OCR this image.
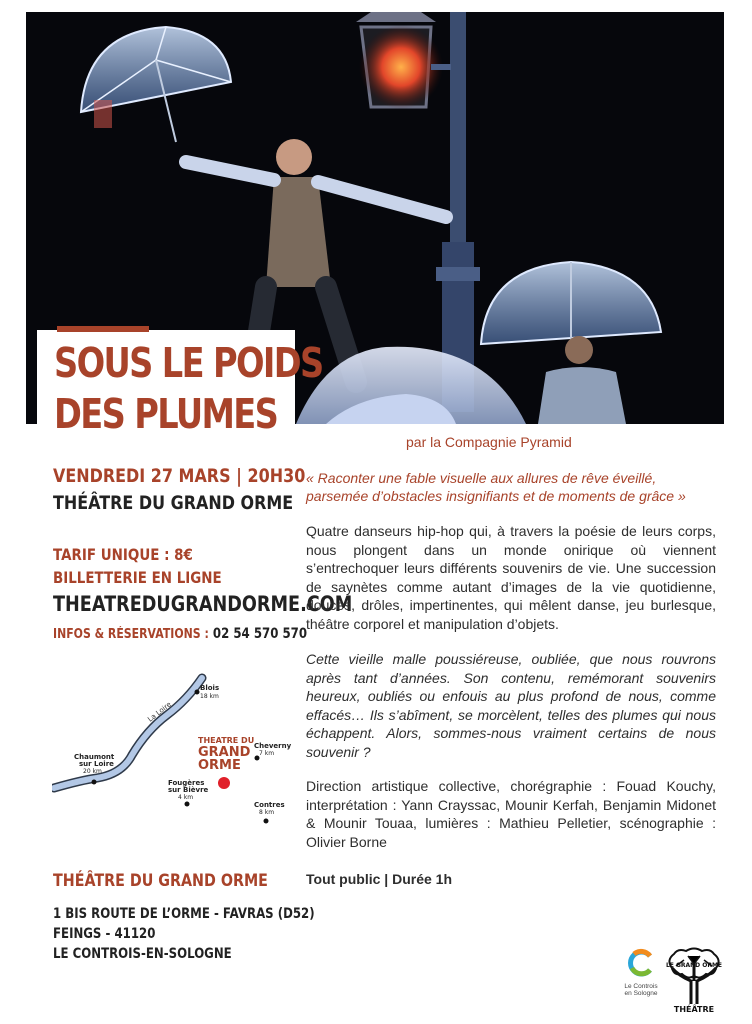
SOUS LE POIDS
DES PLUMES
VENDREDI 27 MARS | 20H30
THÉÂTRE DU GRAND ORME
TARIF UNIQUE : 8€
BILLETTERIE EN LIGNE
THEATREDUGRANDORME.COM
INFOS & RÉSERVATIONS : 02 54 570 570
La Loire
Blois
18 km
Chaumont
sur Loire
20 km
THEATRE DU
GRAND
ORME
Cheverny
7 km
Fougères
sur Bièvre
4 km
Contres
8 km
THÉÂTRE DU GRAND ORME
1 BIS ROUTE DE L’ORME - FAVRAS (D52)
FEINGS - 41120
LE CONTROIS-EN-SOLOGNE
par la Compagnie Pyramid
« Raconter une fable visuelle aux allures de rêve éveillé, parsemée d’obstacles insignifiants et de moments de grâce »

Quatre danseurs hip-hop qui, à travers la poésie de leurs corps, nous plongent dans un monde onirique où viennent s’entrechoquer leurs différents souvenirs de vie. Une succession de saynètes comme autant d’images de la vie quotidienne, douces, drôles, impertinentes, qui mêlent danse, jeu burlesque, théâtre corporel et manipulation d’objets.

Cette vieille malle poussiéreuse, oubliée, que nous rouvrons après tant d’années. Son contenu, remémorant souvenirs heureux, oubliés ou enfouis au plus profond de nous, comme effacés… Ils s’abîment, se morcèlent, telles des plumes qui nous échappent. Alors, sommes-nous vraiment certains de nous souvenir ?

Direction artistique collective, chorégraphie : Fouad Kouchy, interprétation : Yann Crayssac, Mounir Kerfah, Benjamin Midonet & Mounir Touaa, lumières : Mathieu Pelletier, scénographie : Olivier Borne

Tout public | Durée 1h
Le Controis
en Sologne
LE GRAND ORME
THÉÂTRE
